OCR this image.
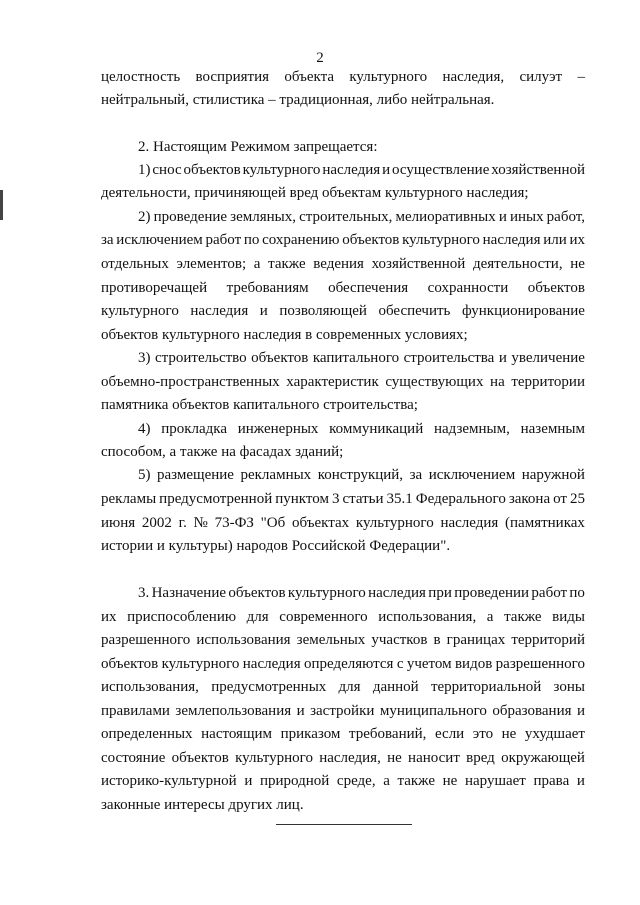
2
целостность восприятия объекта культурного наследия, силуэт –
нейтральный, стилистика – традиционная, либо нейтральная.
2. Настоящим Режимом запрещается:
1) снос объектов культурного наследия и осуществление хозяйственной
деятельности, причиняющей вред объектам культурного наследия;
2) проведение земляных, строительных, мелиоративных и иных работ,
за исключением работ по сохранению объектов культурного наследия или их
отдельных элементов; а также ведения хозяйственной деятельности, не
противоречащей требованиям обеспечения сохранности объектов
культурного наследия и позволяющей обеспечить функционирование
объектов культурного наследия в современных условиях;
3) строительство объектов капитального строительства и увеличение
объемно-пространственных характеристик существующих на территории
памятника объектов капитального строительства;
4) прокладка инженерных коммуникаций надземным, наземным
способом, а также на фасадах зданий;
5) размещение рекламных конструкций, за исключением наружной
рекламы предусмотренной пунктом 3 статьи 35.1 Федерального закона от 25
июня 2002 г. № 73-ФЗ "Об объектах культурного наследия (памятниках
истории и культуры) народов Российской Федерации".
3. Назначение объектов культурного наследия при проведении работ по
их приспособлению для современного использования, а также виды
разрешенного использования земельных участков в границах территорий
объектов культурного наследия определяются с учетом видов разрешенного
использования, предусмотренных для данной территориальной зоны
правилами землепользования и застройки муниципального образования и
определенных настоящим приказом требований, если это не ухудшает
состояние объектов культурного наследия, не наносит вред окружающей
историко-культурной и природной среде, а также не нарушает права и
законные интересы других лиц.
